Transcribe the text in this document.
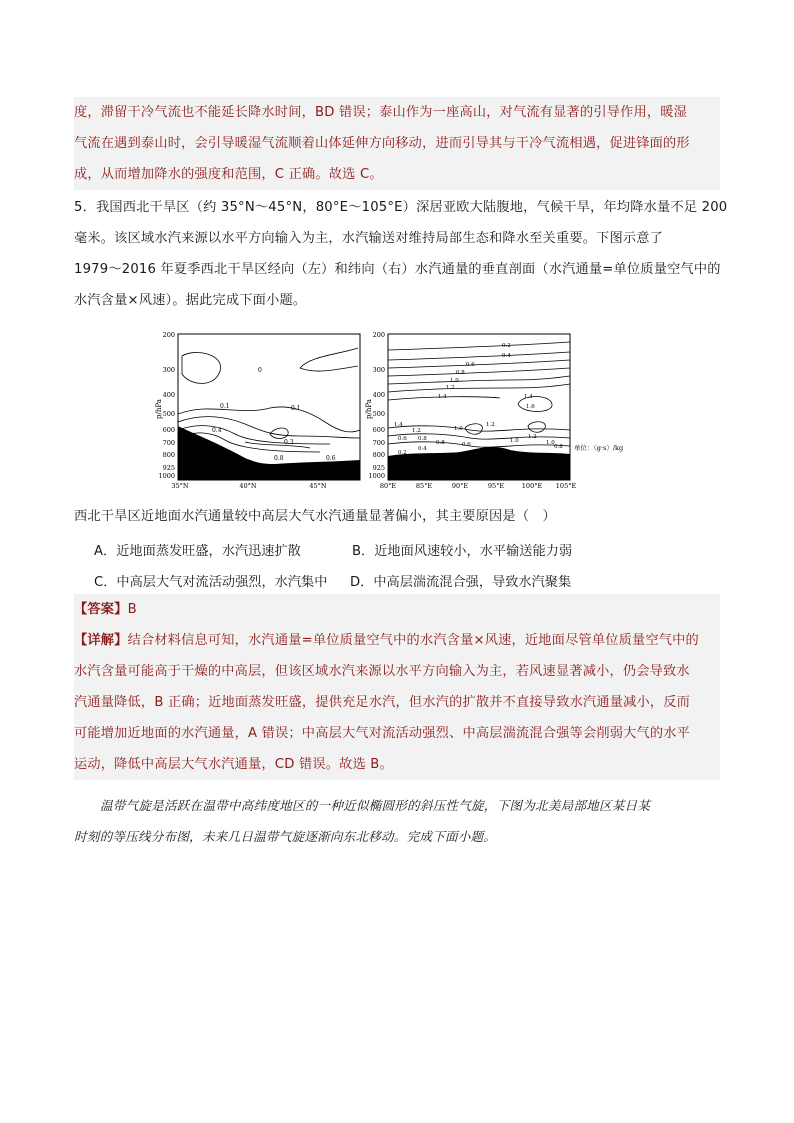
度，滞留干冷气流也不能延长降水时间，BD 错误；泰山作为一座高山，对气流有显著的引导作用，暖湿
气流在遇到泰山时，会引导暖湿气流顺着山体延伸方向移动，进而引导其与干冷气流相遇，促进锋面的形
成，从而增加降水的强度和范围，C 正确。故选 C。
5．我国西北干旱区（约 35°N～45°N，80°E～105°E）深居亚欧大陆腹地，气候干旱，年均降水量不足 200
毫米。该区域水汽来源以水平方向输入为主，水汽输送对维持局部生态和降水至关重要。下图示意了
1979～2016 年夏季西北干旱区经向（左）和纬向（右）水汽通量的垂直剖面（水汽通量=单位质量空气中的
水汽含量×风速）。据此完成下面小题。
p/hPa
200
300
400
500
600
700
800
925
1000
35°N	40°N	45°N
0
0.1	0.1
0.4
0.3
0.8	0.6
p/hPa
200
300
400
500
600
700
800
925
1000
80°E	85°E	90°E	95°E	100°E 105°E
0.2
0.4
0.6
0.8
1.0
1.2
1.4	1.4
1.6
1.2
1.4
1.2
1.0
0.8
0.6
0.4
0.2
1.0
1.2
0.8	0.6
1.0
0.8 单位：（g·s）/kg
西北干旱区近地面水汽通量较中高层大气水汽通量显著偏小，其主要原因是（　）
A．近地面蒸发旺盛，水汽迅速扩散	B．近地面风速较小，水平输送能力弱
C．中高层大气对流活动强烈，水汽集中 D．中高层湍流混合强，导致水汽聚集
【答案】B
【详解】结合材料信息可知，水汽通量=单位质量空气中的水汽含量×风速，近地面尽管单位质量空气中的
水汽含量可能高于干燥的中高层，但该区域水汽来源以水平方向输入为主，若风速显著减小，仍会导致水
汽通量降低，B 正确；近地面蒸发旺盛，提供充足水汽，但水汽的扩散并不直接导致水汽通量减小，反而
可能增加近地面的水汽通量，A 错误；中高层大气对流活动强烈、中高层湍流混合强等会削弱大气的水平
运动，降低中高层大气水汽通量，CD 错误。故选 B。
温带气旋是活跃在温带中高纬度地区的一种近似椭圆形的斜压性气旋，下图为北美局部地区某日某
时刻的等压线分布图，未来几日温带气旋逐渐向东北移动。完成下面小题。
